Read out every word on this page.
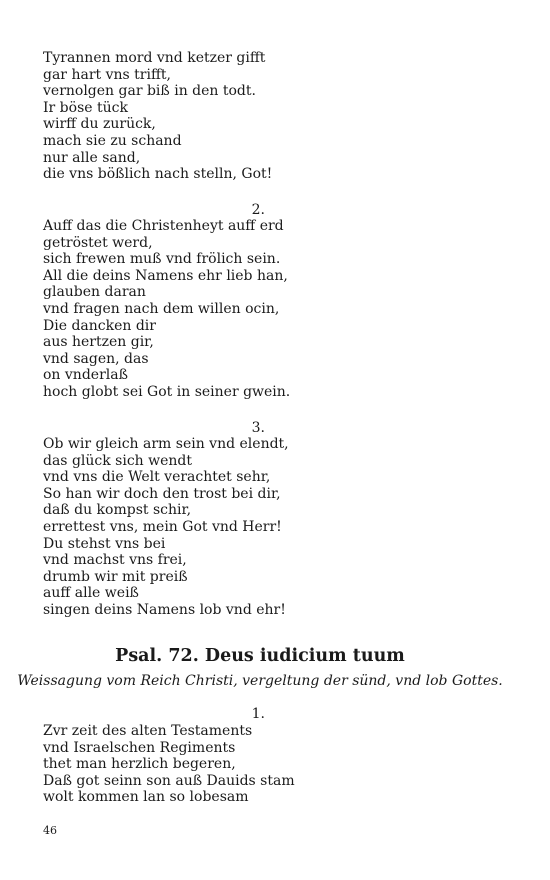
Tyrannen mord vnd ketzer gifft
gar hart vns trifft,
vernolgen gar biß in den todt.
Ir böse tück
wirff du zurück,
mach sie zu schand
nur alle sand,
die vns bößlich nach stelln, Got!
2.
Auff das die Christenheyt auff erd
getröstet werd,
sich frewen muß vnd frölich sein.
All die deins Namens ehr lieb han,
glauben daran
vnd fragen nach dem willen ocin,
Die dancken dir
aus hertzen gir,
vnd sagen, das
on vnderlaß
hoch globt sei Got in seiner gwein.
3.
Ob wir gleich arm sein vnd elendt,
das glück sich wendt
vnd vns die Welt verachtet sehr,
So han wir doch den trost bei dir,
daß du kompst schir,
errettest vns, mein Got vnd Herr!
Du stehst vns bei
vnd machst vns frei,
drumb wir mit preiß
auff alle weiß
singen deins Namens lob vnd ehr!
Psal. 72. Deus iudicium tuum
Weissagung vom Reich Christi, vergeltung der sünd, vnd lob Gottes.
1.
Zvr zeit des alten Testaments
vnd Israelschen Regiments
thet man herzlich begeren,
Daß got seinn son auß Dauids stam
wolt kommen lan so lobesam
46
